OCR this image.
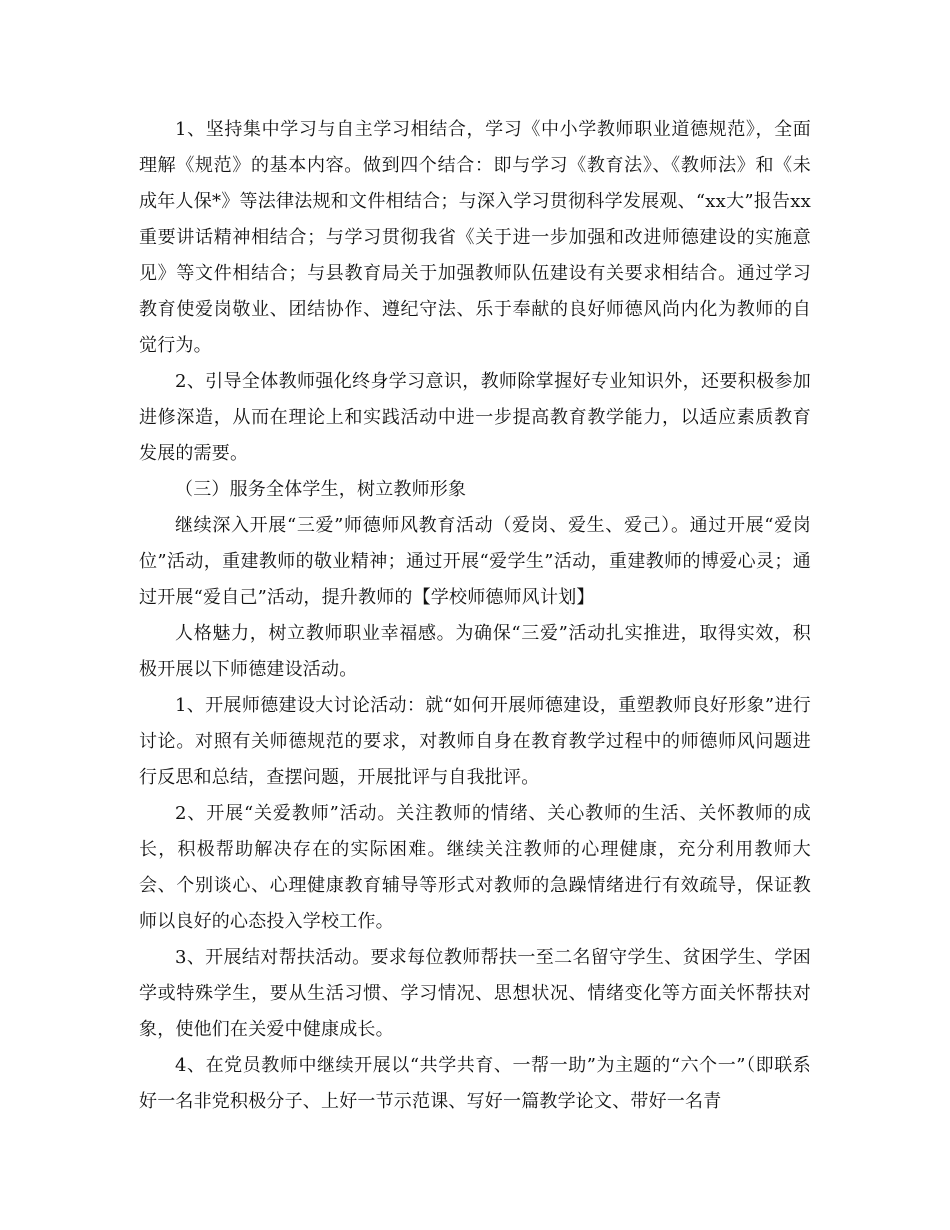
1、坚持集中学习与自主学习相结合，学习《中小学教师职业道德规范》，全面理解《规范》的基本内容。做到四个结合：即与学习《教育法》、《教师法》和《未成年人保*》等法律法规和文件相结合；与深入学习贯彻科学发展观、“xx大”报告xx重要讲话精神相结合；与学习贯彻我省《关于进一步加强和改进师德建设的实施意见》等文件相结合；与县教育局关于加强教师队伍建设有关要求相结合。通过学习教育使爱岗敬业、团结协作、遵纪守法、乐于奉献的良好师德风尚内化为教师的自觉行为。

2、引导全体教师强化终身学习意识，教师除掌握好专业知识外，还要积极参加进修深造，从而在理论上和实践活动中进一步提高教育教学能力，以适应素质教育发展的需要。

（三）服务全体学生，树立教师形象

继续深入开展“三爱”师德师风教育活动（爱岗、爱生、爱己）。通过开展“爱岗位”活动，重建教师的敬业精神；通过开展“爱学生”活动，重建教师的博爱心灵；通过开展“爱自己”活动，提升教师的【学校师德师风计划】

人格魅力，树立教师职业幸福感。为确保“三爱”活动扎实推进，取得实效，积极开展以下师德建设活动。

1、开展师德建设大讨论活动：就“如何开展师德建设，重塑教师良好形象”进行讨论。对照有关师德规范的要求，对教师自身在教育教学过程中的师德师风问题进行反思和总结，查摆问题，开展批评与自我批评。

2、开展“关爱教师”活动。关注教师的情绪、关心教师的生活、关怀教师的成长，积极帮助解决存在的实际困难。继续关注教师的心理健康，充分利用教师大会、个别谈心、心理健康教育辅导等形式对教师的急躁情绪进行有效疏导，保证教师以良好的心态投入学校工作。

3、开展结对帮扶活动。要求每位教师帮扶一至二名留守学生、贫困学生、学困学或特殊学生，要从生活习惯、学习情况、思想状况、情绪变化等方面关怀帮扶对象，使他们在关爱中健康成长。

4、在党员教师中继续开展以“共学共育、一帮一助”为主题的“六个一”（即联系好一名非党积极分子、上好一节示范课、写好一篇教学论文、带好一名青
